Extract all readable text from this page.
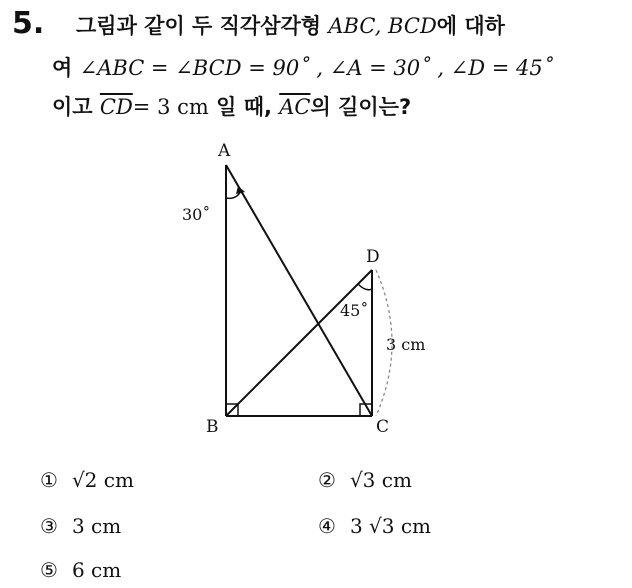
5. 그림과 같이 두 직각삼각형 ABC, BCD에 대하
여 ∠ABC = ∠BCD = 90˚ , ∠A = 30˚ , ∠D = 45˚
이고 $\overline{CD}= 3$ cm 일 때, $\overline{AC}$의 길이는?
A
B	C
D
30˚
45˚
3 cm
① √2 cm	② √3 cm
③ 3 cm	④ 3 √3 cm
⑤ 6 cm
